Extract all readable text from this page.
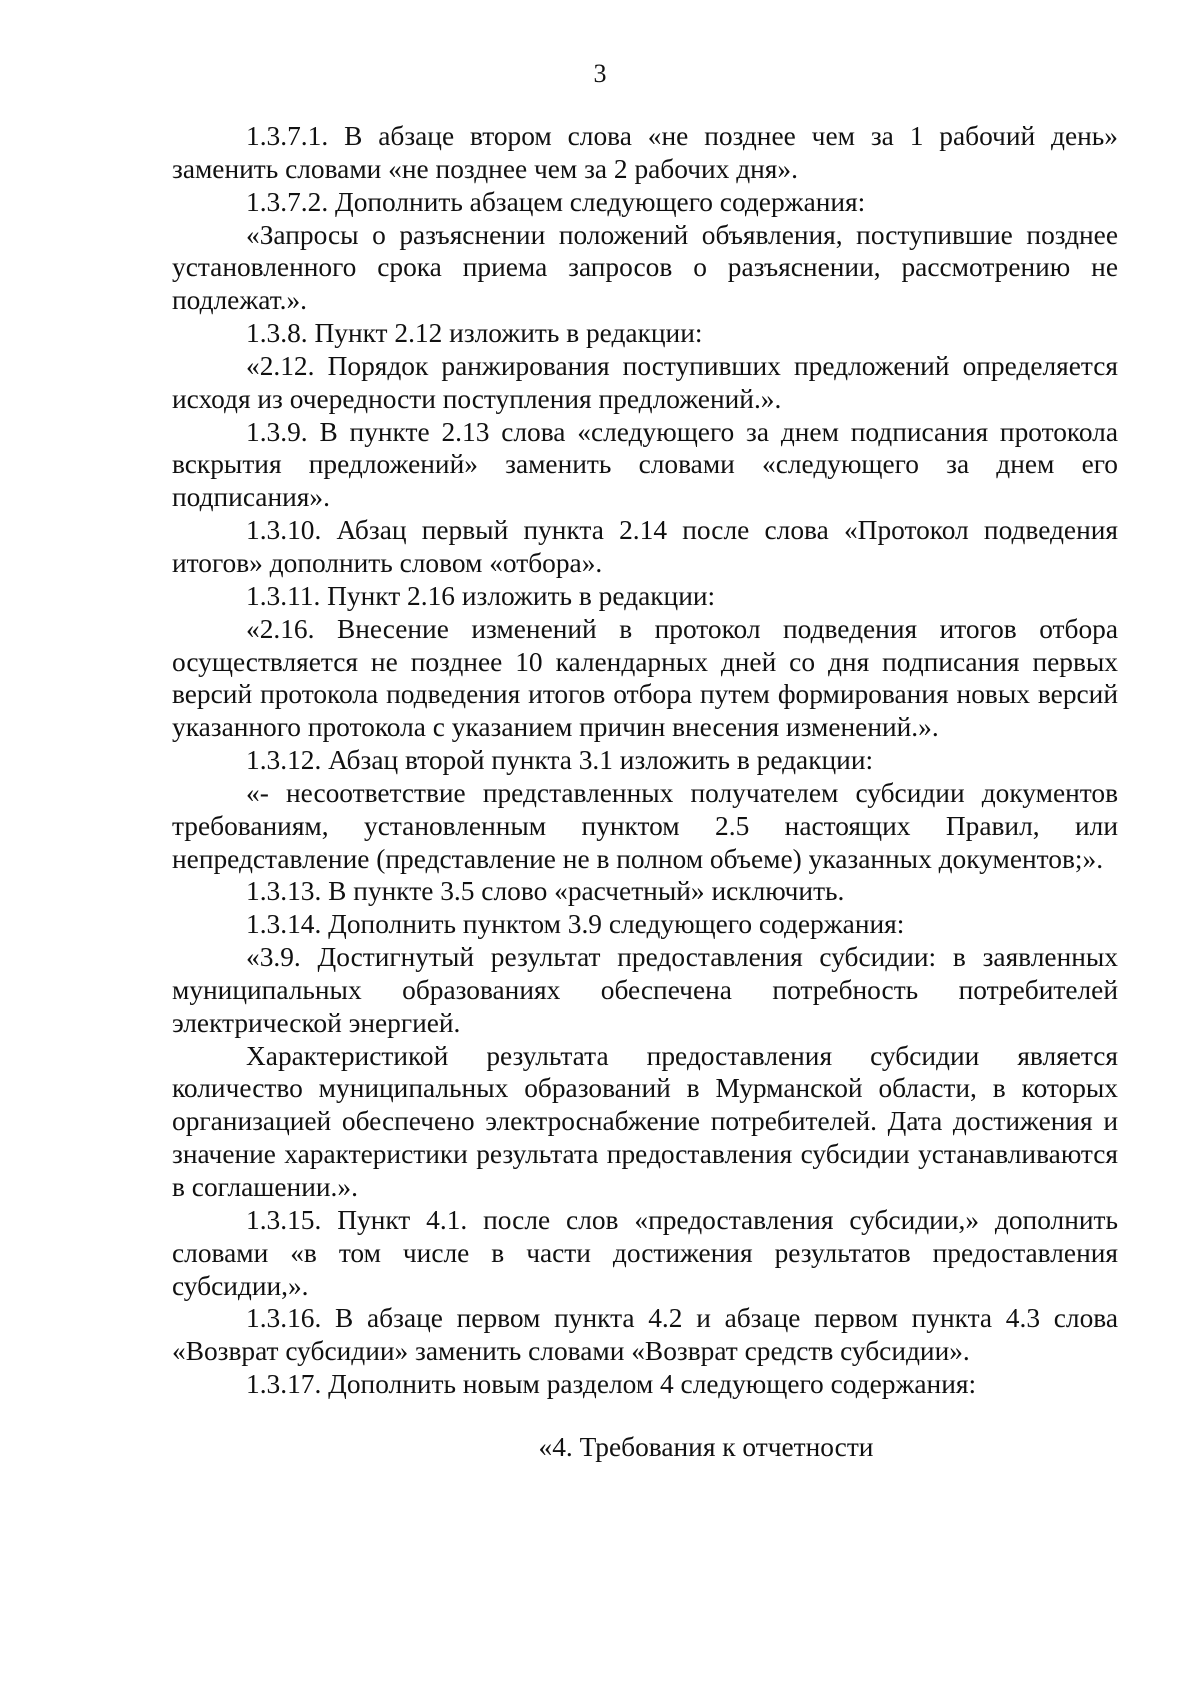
3

1.3.7.1. В абзаце втором слова «не позднее чем за 1 рабочий день» заменить словами «не позднее чем за 2 рабочих дня».

1.3.7.2. Дополнить абзацем следующего содержания:

«Запросы о разъяснении положений объявления, поступившие позднее установленного срока приема запросов о разъяснении, рассмотрению не подлежат.».

1.3.8. Пункт 2.12 изложить в редакции:

«2.12. Порядок ранжирования поступивших предложений определяется исходя из очередности поступления предложений.».

1.3.9. В пункте 2.13 слова «следующего за днем подписания протокола вскрытия предложений» заменить словами «следующего за днем его подписания».

1.3.10. Абзац первый пункта 2.14 после слова «Протокол подведения итогов» дополнить словом «отбора».

1.3.11. Пункт 2.16 изложить в редакции:

«2.16. Внесение изменений в протокол подведения итогов отбора осуществляется не позднее 10 календарных дней со дня подписания первых версий протокола подведения итогов отбора путем формирования новых версий указанного протокола с указанием причин внесения изменений.».

1.3.12. Абзац второй пункта 3.1 изложить в редакции:

«- несоответствие представленных получателем субсидии документов требованиям, установленным пунктом 2.5 настоящих Правил, или непредставление (представление не в полном объеме) указанных документов;».

1.3.13. В пункте 3.5 слово «расчетный» исключить.

1.3.14. Дополнить пунктом 3.9 следующего содержания:

«3.9. Достигнутый результат предоставления субсидии: в заявленных муниципальных образованиях обеспечена потребность потребителей электрической энергией.

Характеристикой результата предоставления субсидии является количество муниципальных образований в Мурманской области, в которых организацией обеспечено электроснабжение потребителей. Дата достижения и значение характеристики результата предоставления субсидии устанавливаются в соглашении.».

1.3.15. Пункт 4.1. после слов «предоставления субсидии,» дополнить словами «в том числе в части достижения результатов предоставления субсидии,».

1.3.16. В абзаце первом пункта 4.2 и абзаце первом пункта 4.3 слова «Возврат субсидии» заменить словами «Возврат средств субсидии».

1.3.17. Дополнить новым разделом 4 следующего содержания:

«4. Требования к отчетности
